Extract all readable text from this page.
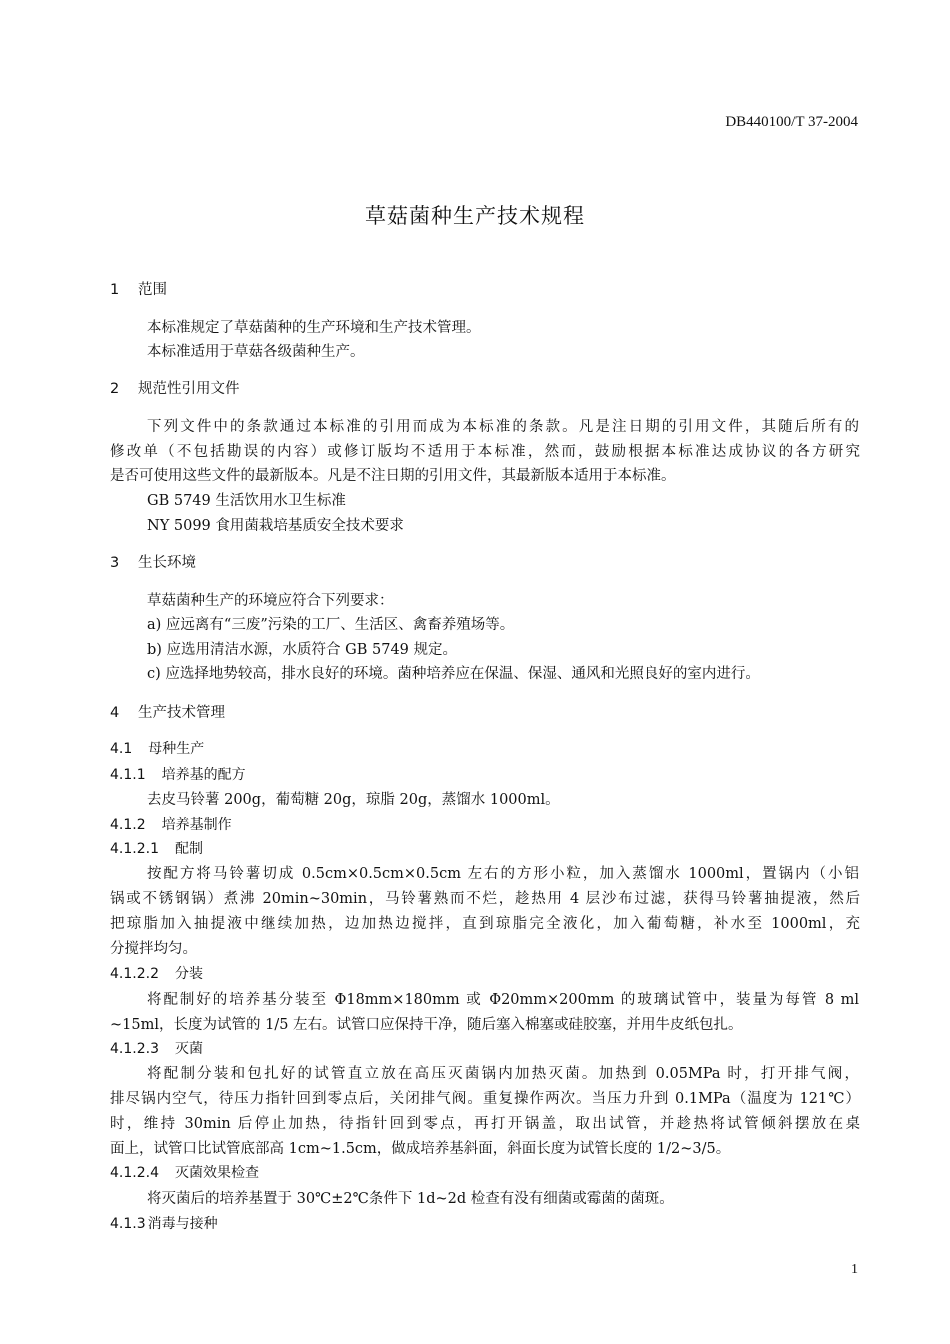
DB440100/T 37-2004
草菇菌种生产技术规程
1 范围
本标准规定了草菇菌种的生产环境和生产技术管理。
本标准适用于草菇各级菌种生产。
2 规范性引用文件
下列文件中的条款通过本标准的引用而成为本标准的条款。凡是注日期的引用文件，其随后所有的
修改单（不包括勘误的内容）或修订版均不适用于本标准，然而，鼓励根据本标准达成协议的各方研究
是否可使用这些文件的最新版本。凡是不注日期的引用文件，其最新版本适用于本标准。
GB 5749 生活饮用水卫生标准
NY 5099 食用菌栽培基质安全技术要求
3 生长环境
草菇菌种生产的环境应符合下列要求：
a) 应远离有“三废”污染的工厂、生活区、禽畜养殖场等。
b) 应选用清洁水源，水质符合 GB 5749 规定。
c) 应选择地势较高，排水良好的环境。菌种培养应在保温、保湿、通风和光照良好的室内进行。
4 生产技术管理
4.1 母种生产
4.1.1 培养基的配方
去皮马铃薯 200g，葡萄糖 20g，琼脂 20g，蒸馏水 1000ml。
4.1.2 培养基制作
4.1.2.1 配制
按配方将马铃薯切成 0.5cm×0.5cm×0.5cm 左右的方形小粒，加入蒸馏水 1000ml，置锅内（小铝
锅或不锈钢锅）煮沸 20min~30min，马铃薯熟而不烂，趁热用 4 层沙布过滤，获得马铃薯抽提液，然后
把琼脂加入抽提液中继续加热，边加热边搅拌，直到琼脂完全液化，加入葡萄糖，补水至 1000ml，充
分搅拌均匀。
4.1.2.2 分装
将配制好的培养基分装至 Φ18mm×180mm 或 Φ20mm×200mm 的玻璃试管中，装量为每管 8 ml
~15ml，长度为试管的 1/5 左右。试管口应保持干净，随后塞入棉塞或硅胶塞，并用牛皮纸包扎。
4.1.2.3 灭菌
将配制分装和包扎好的试管直立放在高压灭菌锅内加热灭菌。加热到 0.05MPa 时，打开排气阀，
排尽锅内空气，待压力指针回到零点后，关闭排气阀。重复操作两次。当压力升到 0.1MPa（温度为 121℃）
时，维持 30min 后停止加热，待指针回到零点，再打开锅盖，取出试管，并趁热将试管倾斜摆放在桌
面上，试管口比试管底部高 1cm~1.5cm，做成培养基斜面，斜面长度为试管长度的 1/2~3/5。
4.1.2.4 灭菌效果检查
将灭菌后的培养基置于 30℃±2℃条件下 1d~2d 检查有没有细菌或霉菌的菌斑。
4.1.3 消毒与接种
1
